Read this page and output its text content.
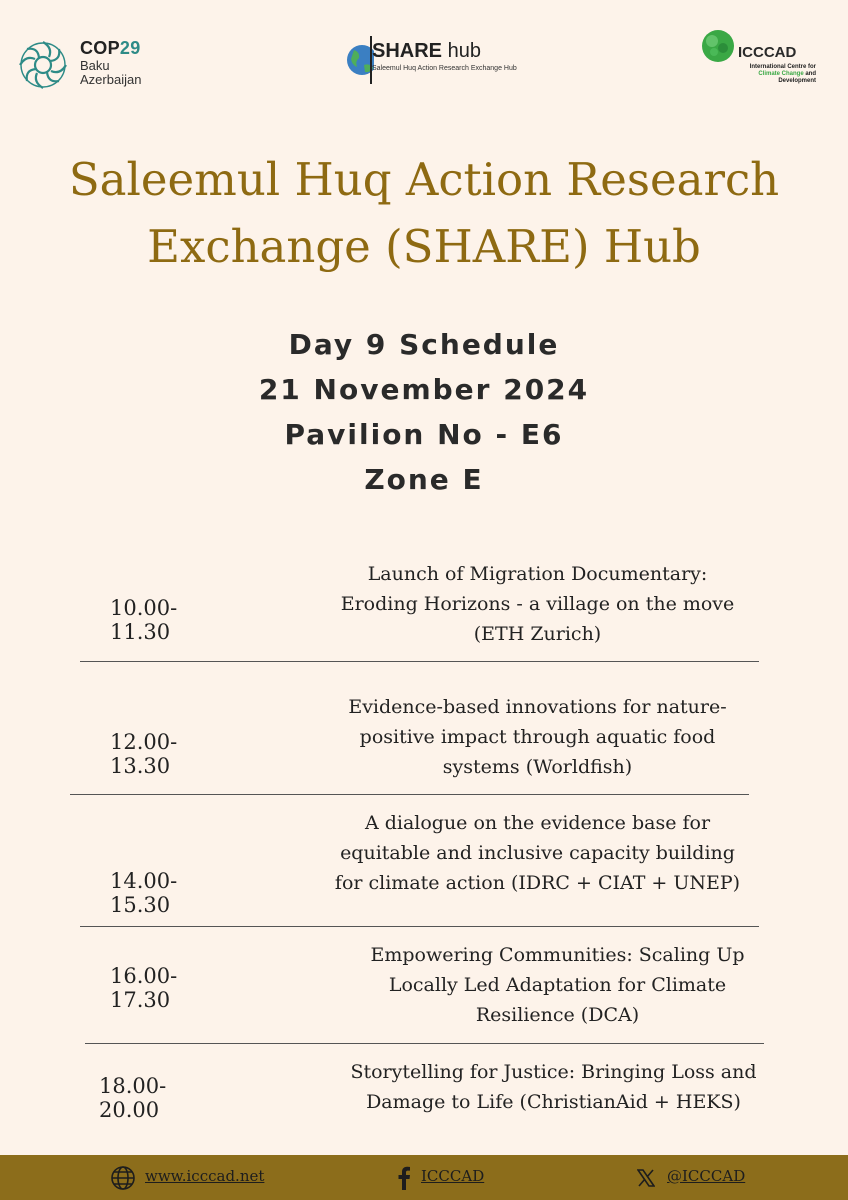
COP29
Baku
Azerbaijan
SHARE hub
Saleemul Huq Action Research Exchange Hub
ICCCAD
International Centre for
Climate Change and
Development
Saleemul Huq Action Research
Exchange (SHARE) Hub
Day 9 Schedule
21 November 2024
Pavilion No - E6
Zone E
10.00-11.30
Launch of Migration Documentary:
Eroding Horizons - a village on the move
(ETH Zurich)
12.00-13.30
Evidence-based innovations for nature-
positive impact through aquatic food
systems (Worldfish)
14.00-15.30
A dialogue on the evidence base for
equitable and inclusive capacity building
for climate action (IDRC + CIAT + UNEP)
16.00-17.30
Empowering Communities: Scaling Up
Locally Led Adaptation for Climate
Resilience (DCA)
18.00-20.00
Storytelling for Justice: Bringing Loss and
Damage to Life (ChristianAid + HEKS)
www.icccad.net	ICCCAD	@ICCCAD
